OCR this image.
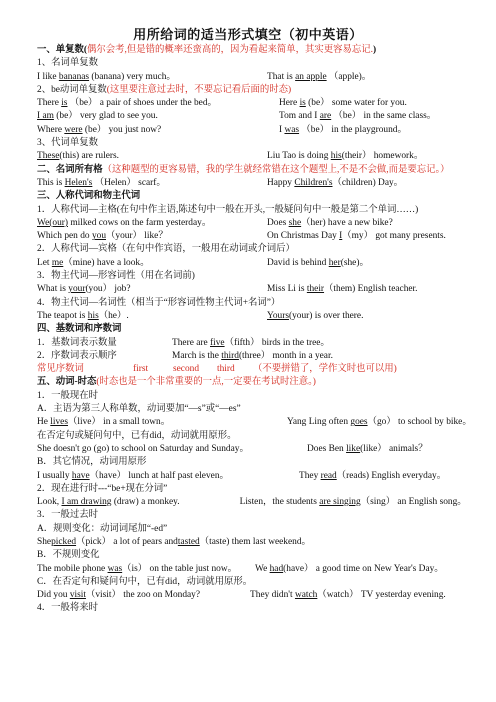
用所给词的适当形式填空（初中英语）
一、单复数( 偶尔会考,但是错的概率还蛮高的，因为看起来简单，其实更容易忘记. )
1、名词单复数
I like bananas (banana) very much。	That is an apple （apple)。
2、be动词单复数 (这里要注意过去时，不要忘记看后面的时态)
There is （be） a pair of shoes under the bed。	Here is (be） some water for you.
I am (be） very glad to see you.	Tom and I are （be） in the same class。
Where were (be） you just now?	I was （be） in the playground。
3、代词单复数
These(this) are rulers.	Liu Tao is doing his(their） homework。
二、名词所有格（这种题型的更容易错，我的学生就经常错在这个题型上,不是不会做,而是要忘记。）
This is Helen's （Helen） scarf。	Happy Children's（children) Day。
三、人称代词和物主代词
1．人称代词—主格(在句中作主语,陈述句中一般在开头,一般疑问句中一般是第二个单词……)
We(our) milked cows on the farm yesterday。	Does she（her) have a new bike?
Which pen do you（your） like？	On Christmas Day I（my） got many presents.
2．人称代词—宾格（在句中作宾语，一般用在动词或介词后）
Let me（mine) have a look。	David is behind her(she)。
3．物主代词—形容词性（用在名词前)
What is your(you） job?	Miss Li is their（them) English teacher.
4．物主代词—名词性（相当于“形容词性物主代词+名词”）
The teapot is his（he）.	Yours(your) is over there.
四、基数词和序数词
1．基数词表示数量	There are five（fifth） birds in the tree。
2．序数词表示顺序	March is the third(three） month in a year.
常见序数词	first	second	third	（不要拼错了，学作文时也可以用)
五、动词-时态 (时态也是一个非常重要的一点,一定要在考试时注意。)
1．一般现在时
A．主语为第三人称单数，动词要加“—s”或“—es”
He lives（live） in a small town。	Yang Ling often goes（go） to school by bike。
在否定句或疑问句中，已有did，动词就用原形。
She doesn't go (go) to school on Saturday and Sunday。	Does Ben like(like） animals？
B．其它情况，动词用原形
I usually have（have） lunch at half past eleven。	They read（reads) English everyday。
2．现在进行时---“be+现在分词”
Look, I am drawing (draw) a monkey.	Listen，the students are singing（sing） an English song。
3．一般过去时
A．规则变化：动词词尾加“-ed”
She picked （pick） a lot of pears and tasted （taste) them last weekend。
B．不规则变化
The mobile phone was（is） on the table just now。 We had(have） a good time on New Year's Day。
C．在否定句和疑问句中，已有did，动词就用原形。
Did you visit（visit） the zoo on Monday?	They didn't watch（watch） TV yesterday evening.
4．一般将来时
